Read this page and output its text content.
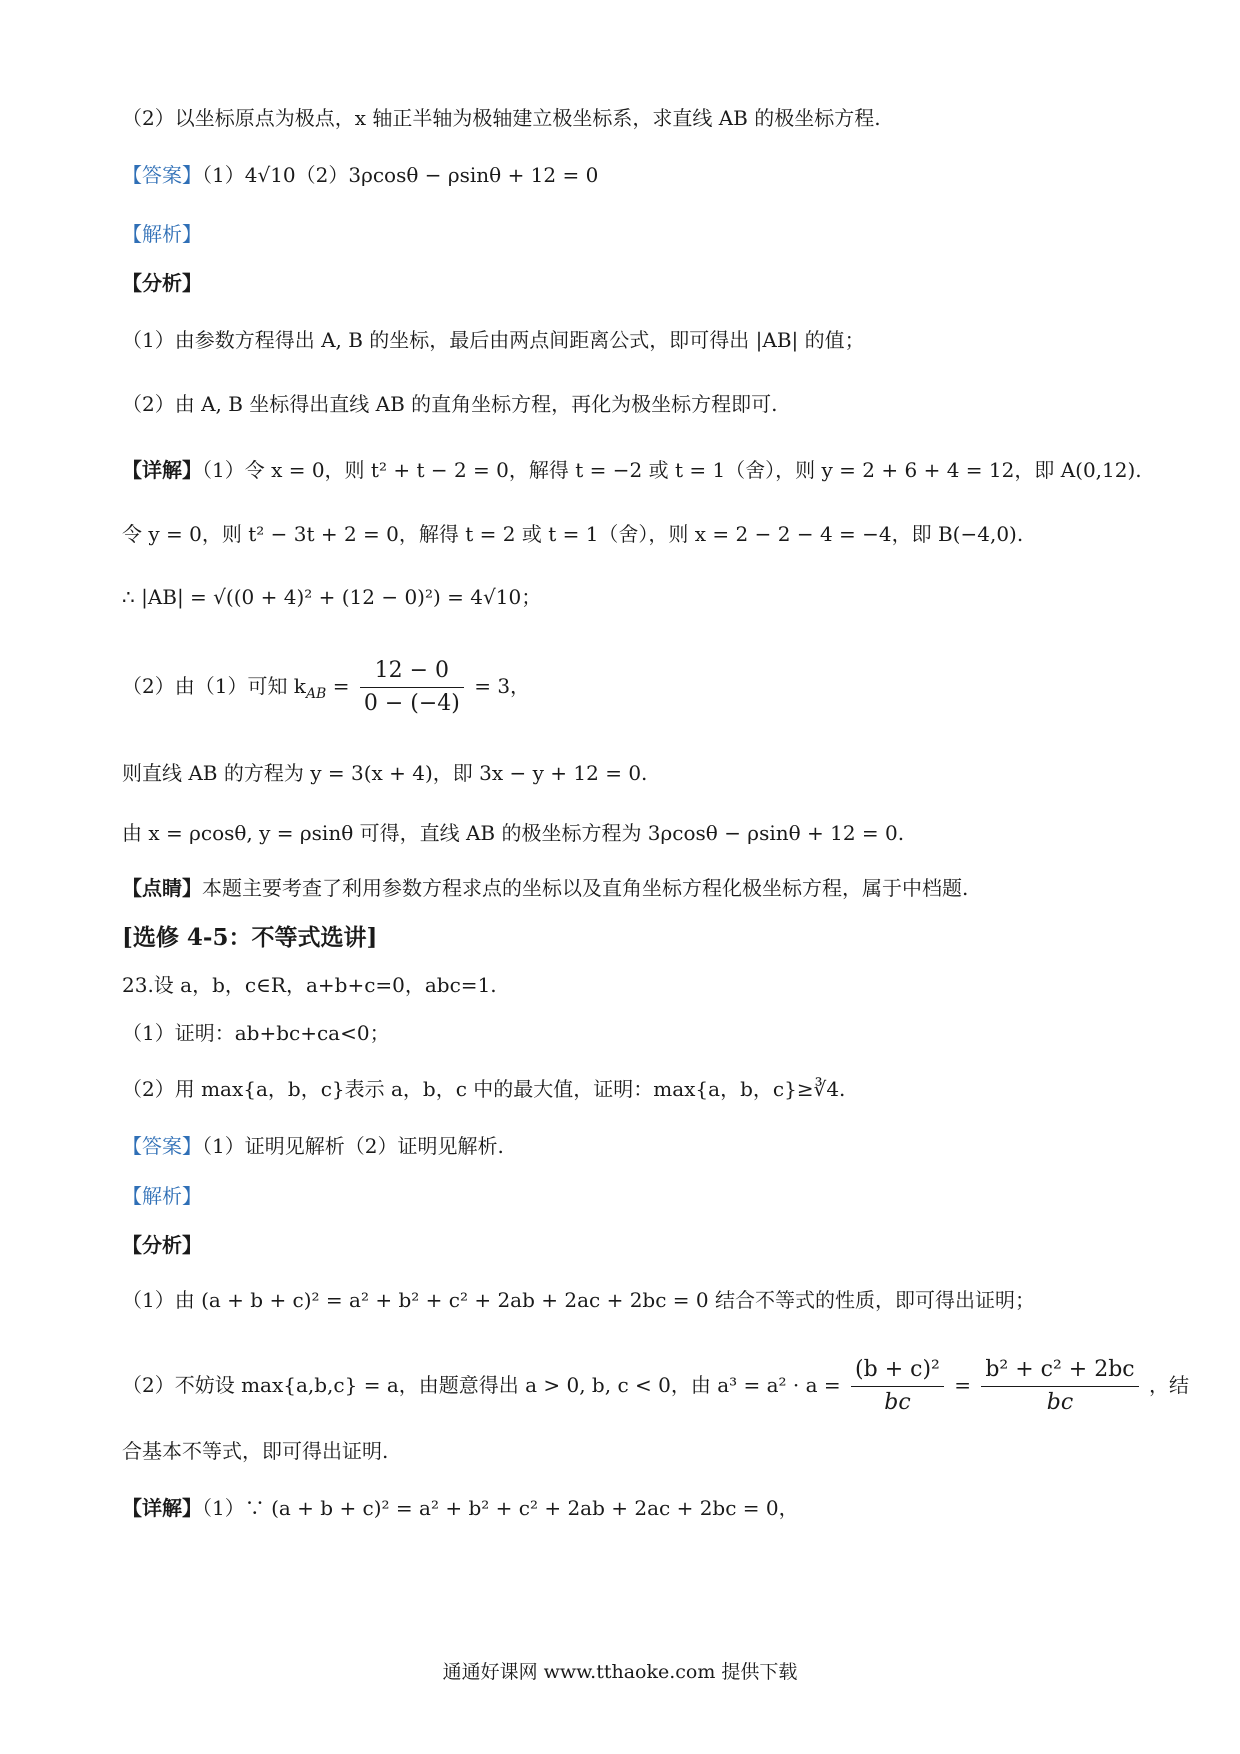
（2）以坐标原点为极点，x 轴正半轴为极轴建立极坐标系，求直线 AB 的极坐标方程.
【答案】（1）4√10（2）3ρcosθ − ρsinθ + 12 = 0
【解析】
【分析】
（1）由参数方程得出 A, B 的坐标，最后由两点间距离公式，即可得出 |AB| 的值；
（2）由 A, B 坐标得出直线 AB 的直角坐标方程，再化为极坐标方程即可.
【详解】（1）令 x = 0，则 t² + t − 2 = 0，解得 t = −2 或 t = 1（舍），则 y = 2 + 6 + 4 = 12，即 A(0,12).
令 y = 0，则 t² − 3t + 2 = 0，解得 t = 2 或 t = 1（舍），则 x = 2 − 2 − 4 = −4，即 B(−4,0).
∴ |AB| = √((0 + 4)² + (12 − 0)²) = 4√10；
则直线 AB 的方程为 y = 3(x + 4)，即 3x − y + 12 = 0.
由 x = ρcosθ, y = ρsinθ 可得，直线 AB 的极坐标方程为 3ρcosθ − ρsinθ + 12 = 0.
【点睛】本题主要考查了利用参数方程求点的坐标以及直角坐标方程化极坐标方程，属于中档题.
[选修 4-5：不等式选讲]
23.设 a，b，c∈R，a+b+c=0，abc=1.
（1）证明：ab+bc+ca<0；
（2）用 max{a，b，c}表示 a，b，c 中的最大值，证明：max{a，b，c}≥∛4.
【答案】（1）证明见解析（2）证明见解析.
【解析】
【分析】
（1）由 (a + b + c)² = a² + b² + c² + 2ab + 2ac + 2bc = 0 结合不等式的性质，即可得出证明；
合基本不等式，即可得出证明.
【详解】（1）∵ (a + b + c)² = a² + b² + c² + 2ab + 2ac + 2bc = 0，
（2）由（1）可知 $k_{AB} = \frac{12 - 0}{0 - (-4)} = 3$，
（2）不妨设 max{a,b,c} = a，由题意得出 a > 0, b, c < 0，由 $a^3 = a^2 \cdot a = \frac{\text{(b + c)²}}{bc} = \frac{\text{b² + c² + 2bc}}{bc}$ ，结
通通好课网 www.tthaoke.com 提供下载
